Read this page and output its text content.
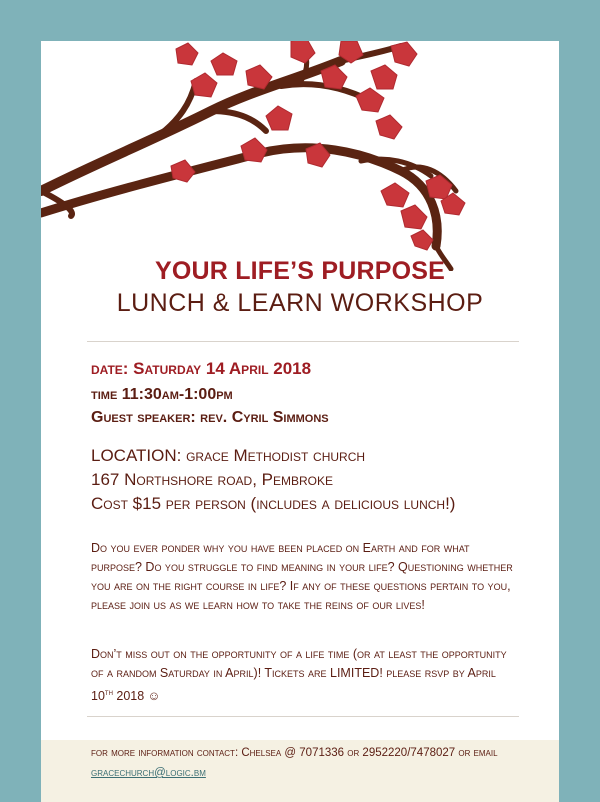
YOUR LIFE’S PURPOSE
LUNCH & LEARN WORKSHOP
date: Saturday 14 April 2018
time 11:30am-1:00pm
Guest speaker: rev. Cyril Simmons
LOCATION: grace Methodist church
167 Northshore road, Pembroke
Cost $15 per person (includes a delicious lunch!)
Do you ever ponder why you have been placed on Earth and for what purpose? Do you struggle to find meaning in your life? Questioning whether you are on the right course in life? If any of these questions pertain to you, please join us as we learn how to take the reins of our lives!
Don’t miss out on the opportunity of a life time (or at least the opportunity of a random Saturday in April)! Tickets are LIMITED! please rsvp by April 10th 2018 ☺
for more information contact: Chelsea @ 7071336 or 2952220/7478027 or email gracechurch@logic.bm
